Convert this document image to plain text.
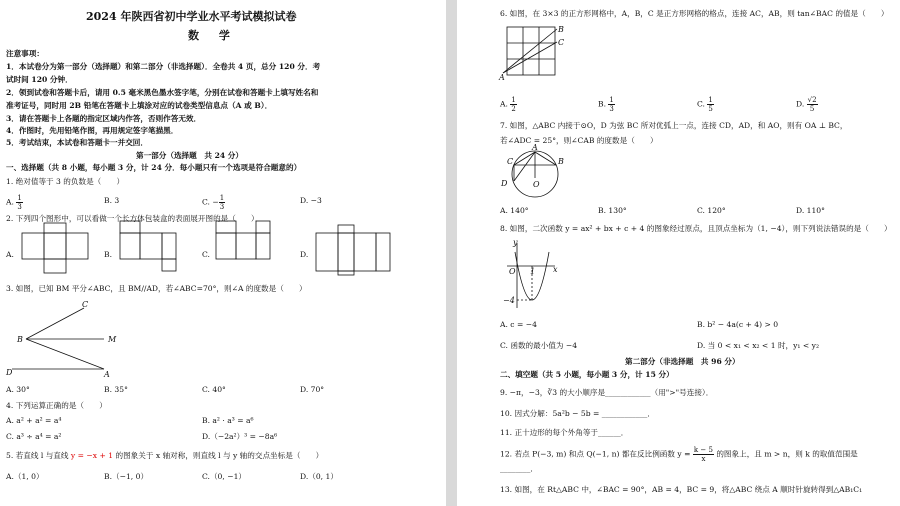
2024 年陕西省初中学业水平考试模拟试卷
数 学
注意事项：
1．本试卷分为第一部分（选择题）和第二部分（非选择题）．全卷共 4 页，总分 120 分．考
试时间 120 分钟．
2．领到试卷和答题卡后，请用 0.5 毫米黑色墨水签字笔，分别在试卷和答题卡上填写姓名和
准考证号，同时用 2B 铅笔在答题卡上填涂对应的试卷类型信息点（A 或 B）．
3．请在答题卡上各题的指定区域内作答，否则作答无效．
4．作图时，先用铅笔作图，再用规定签字笔描黑．
5．考试结束，本试卷和答题卡一并交回．
第一部分（选择题　共 24 分）
一、选择题（共 8 小题，每小题 3 分，计 24 分．每小题只有一个选项是符合题意的）
1. 绝对值等于 3 的负数是（　　）
A. $\frac{1}{3}$	B. 3	C. − $\frac{1}{3}$	D. −3
2. 下列四个图形中，可以看做一个长方体包装盒的表面展开图的是（　　）．
A.	B.	C.	D.
3. 如图，已知 BM 平分∠ABC，且 BM//AD，若∠ABC=70°，则∠A 的度数是（　　）
C
B	M
D	A
A. 30°	B. 35°	C. 40°	D. 70°
4. 下列运算正确的是（　　）
A. a² + a² = a⁴	B. a² · a³ = a⁶
C. a³ ÷ a⁴ = a²	D.（−2a²）³ = −8a⁶
5. 若直线 l 与直线 y = −x + 1 的图象关于 x 轴对称，则直线 l 与 y 轴的交点坐标是（　　）
A.（1, 0）	B.（−1, 0）	C.（0, −1）	D.（0, 1）
6. 如图，在 3×3 的正方形网格中，A，B，C 是正方形网格的格点，连接 AC，AB，则 tan∠BAC 的值是（　　）
B
C
A
A. $\frac{1}{2}$	B. $\frac{1}{3}$	C. $\frac{1}{5}$	D. $\frac{√2}{5}$
7. 如图，△ABC 内接于⊙O，D 为弦 BC 所对优弧上一点，连接 CD，AD，和 AO，则有 OA ⊥ BC，
若∠ADC = 25°，则∠CAB 的度数是（　　）
C	B
A
D	O
A. 140°	B. 130°	C. 120°	D. 110°
8. 如图，二次函数 y = ax² + bx + c + 4 的图象经过原点，且顶点坐标为（1, −4），则下列说法错误的是（　　）
y
O	x
1
−4
A. c = −4	B. b² − 4a(c + 4) > 0
C. 函数的最小值为 −4	D. 当 0 < x₁ < x₂ < 1 时，y₁ < y₂
第二部分（非选择题　共 96 分）
二、填空题（共 5 小题，每小题 3 分，计 15 分）
9. −π，−3，∛3 的大小顺序是____________（用">"号连接）．
10. 因式分解：5a²b − 5b = ____________．
11. 正十边形的每个外角等于______．
12. 若点 P(−3, m) 和点 Q(−1, n) 都在反比例函数 $y = \frac{k - 5}{x}$ 的图象上，且 m > n，则 k 的取值范围是
________．
13. 如图，在 Rt△ABC 中，∠BAC = 90°，AB = 4，BC = 9，将△ABC 绕点 A 顺时针旋转得到△AB₁C₁
